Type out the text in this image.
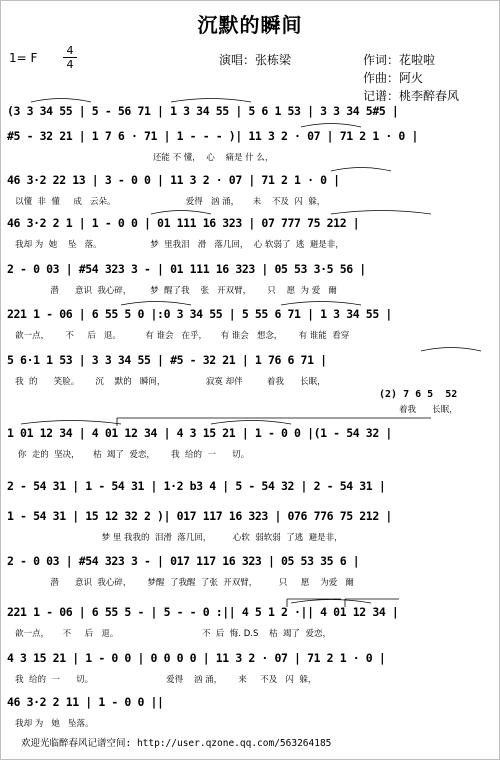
沉默的瞬间
1= F
4
4	演唱：张栋梁	作词：花啦啦
作曲：阿火
记谱：桃李醉春风
(3 3 34 55 | 5 - 56 71 | 1 3 34 55 | 5 6 1 53 | 3 3 34 5#5 |
#5 - 32 21 | 1 7 6 · 71 | 1 - - - )| 11 3 2 · 07 | 71 2 1 · 0 |
还能 不 懂，  心    痛是 什 么，
46 3·2 22 13 | 3 - 0 0 | 11 3 2 · 07 | 71 2 1 · 0 |
以懂  非  懂     成   云朵。                          爱得   汹 涌，     未    不及  闪  躲，
46 3·2 2 1 | 1 - 0 0 | 01 111 16 323 | 07 777 75 212 |
我却 为  她    坠   落。                  梦  里我泪   滑   落几回，  心 软弱了  逃  避是非，
2 - 0 03 | #54 323 3 - | 01 111 16 323 | 05 53 3·5 56 |
潜      意识  我心碎，       梦  醒了我    张   开双臂，      只    愿  为 爱   爾
221 1 - 06 | 6 55 5 0 |:0 3 34 55 | 5 55 6 71 | 1 3 34 55 |
歆一点，      不     后   退。         有 谁会   在乎，     有 谁会   想念，      有 谁能  看穿
5 6·1 1 53 | 3 3 34 55 | #5 - 32 21 | 1 76 6 71 |
我  的      笑脸。      沉    默的   瞬间，               寂寞 却伴         着我      长眠，
(2) 7 6 5  52
着我      长眠，
1 01 12 34 | 4 01 12 34 | 4 3 15 21 | 1 - 0 0 |(1 - 54 32 |
你  走的  坚决，     枯  竭了  爱恋，      我  给的  一      切。
2 - 54 31 | 1 - 54 31 | 1·2 b3 4 | 5 - 54 32 | 2 - 54 31 |
1 - 54 31 | 15 12 32 2 )| 017 117 16 323 | 076 776 75 212 |
梦 里 我我的  泪滑  落几回，        心软  弱软弱  了逃  避是非，
2 - 0 03 | #54 323 3 - | 017 117 16 323 | 05 53 35 6 |
潜      意识  我心碎，      梦醒  了我醒  了张  开双臂，        只     愿    为爱   爾
221 1 - 06 | 6 55 5 - | 5 - - 0 :|| 4 5 1 2 ·|| 4 01 12 34 |
歆一点，     不     后   退。                               不  后  悔. D.S    枯  竭了  爱恋，
4 3 15 21 | 1 - 0 0 | 0 0 0 0 | 11 3 2 · 07 | 71 2 1 · 0 |
我  给的  一      切。                           爱得    汹 涌，      来     不及   闪  躲，
46 3·2 2 11 | 1 - 0 0 ||
我却 为   她   坠落。
欢迎光临醉春风记谱空间: http://user.qzone.qq.com/563264185
